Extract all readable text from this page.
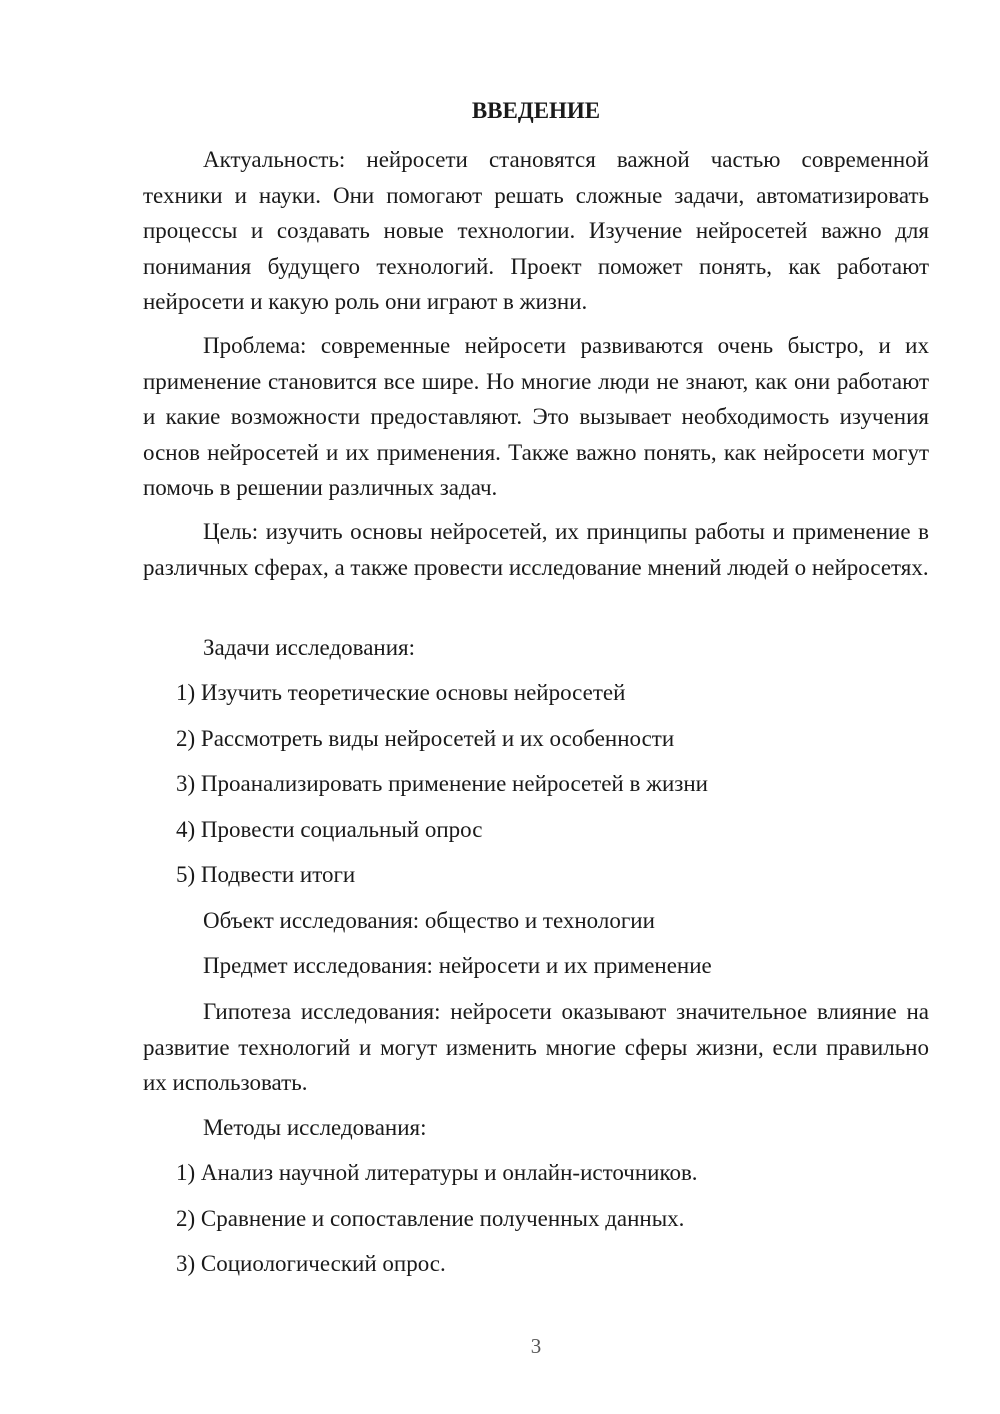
ВВЕДЕНИЕ

Актуальность: нейросети становятся важной частью современной техники и науки. Они помогают решать сложные задачи, автоматизировать процессы и создавать новые технологии. Изучение нейросетей важно для понимания будущего технологий. Проект поможет понять, как работают нейросети и какую роль они играют в жизни.

Проблема: современные нейросети развиваются очень быстро, и их применение становится все шире. Но многие люди не знают, как они работают и какие возможности предоставляют. Это вызывает необходимость изучения основ нейросетей и их применения. Также важно понять, как нейросети могут помочь в решении различных задач.

Цель: изучить основы нейросетей, их принципы работы и применение в различных сферах, а также провести исследование мнений людей о нейросетях.

Задачи исследования:

1) Изучить теоретические основы нейросетей

2) Рассмотреть виды нейросетей и их особенности

3) Проанализировать применение нейросетей в жизни

4) Провести социальный опрос

5) Подвести итоги

Объект исследования: общество и технологии

Предмет исследования: нейросети и их применение

Гипотеза исследования: нейросети оказывают значительное влияние на развитие технологий и могут изменить многие сферы жизни, если правильно их использовать.

Методы исследования:

1) Анализ научной литературы и онлайн-источников.

2) Сравнение и сопоставление полученных данных.

3) Социологический опрос.

3
